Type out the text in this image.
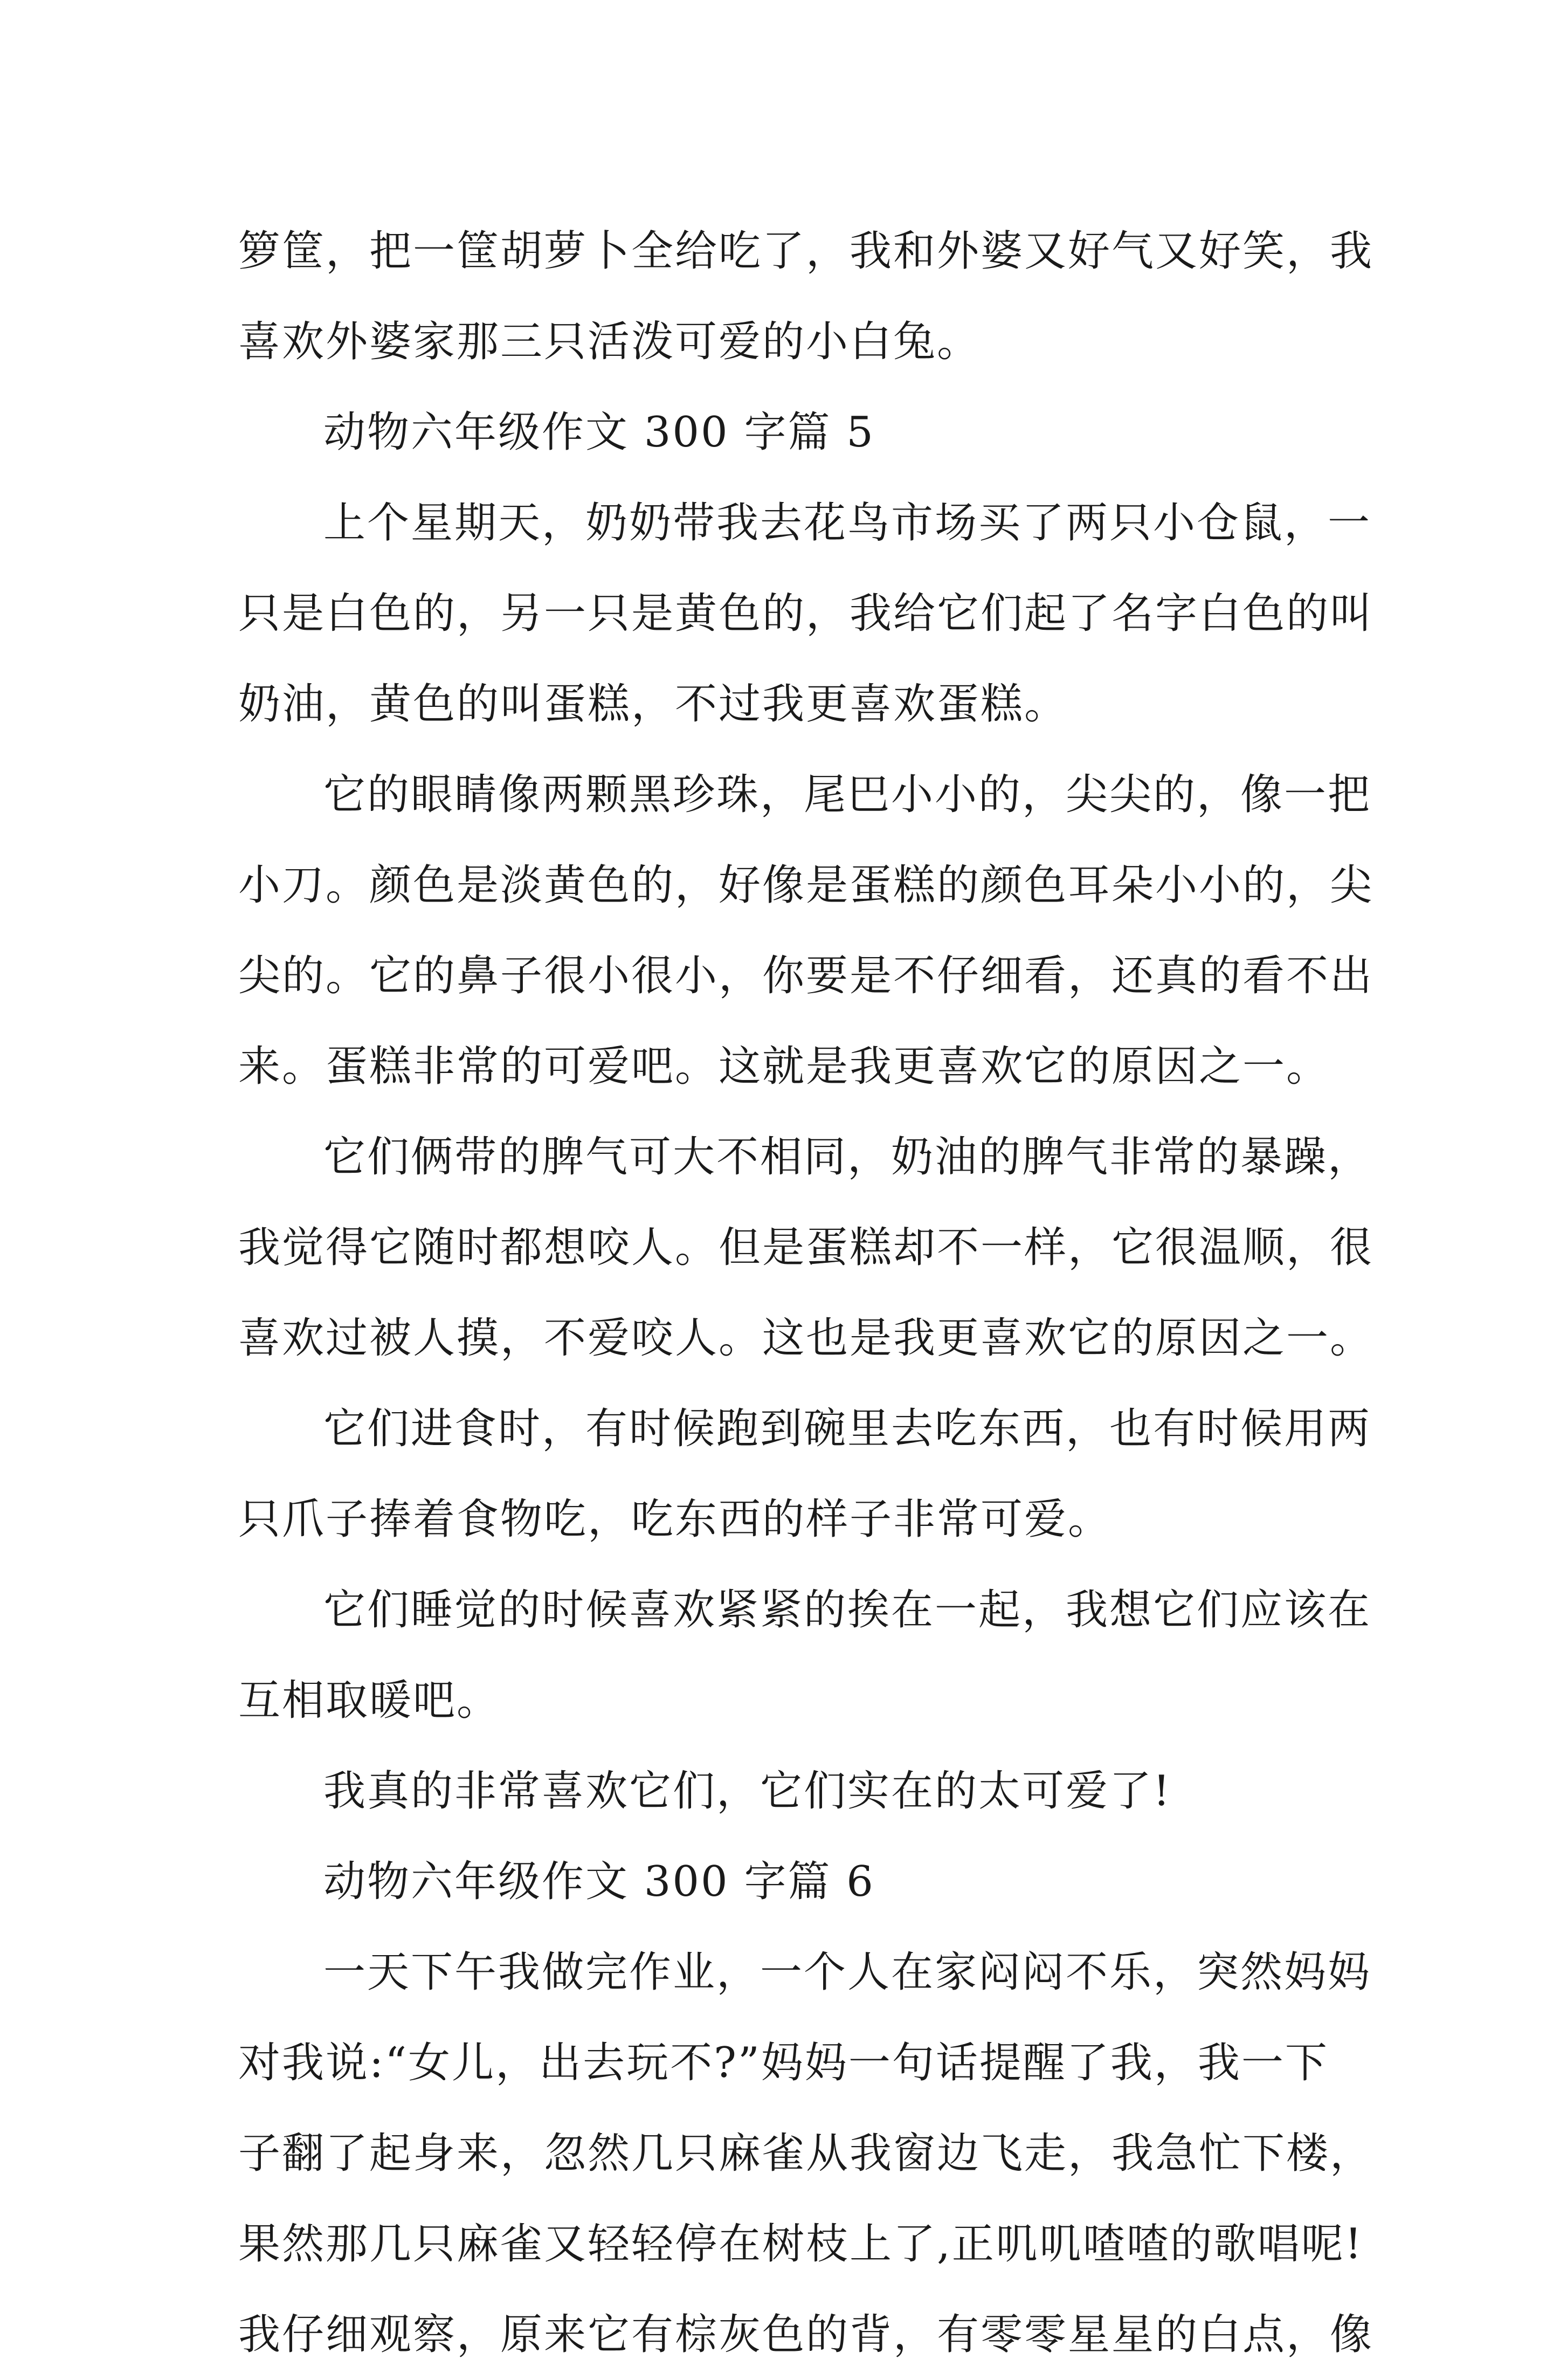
箩筐，把一筐胡萝卜全给吃了，我和外婆又好气又好笑，我
喜欢外婆家那三只活泼可爱的小白兔。
动物六年级作文 300 字篇 5
上个星期天，奶奶带我去花鸟市场买了两只小仓鼠，一
只是白色的，另一只是黄色的，我给它们起了名字白色的叫
奶油，黄色的叫蛋糕，不过我更喜欢蛋糕。
它的眼睛像两颗黑珍珠，尾巴小小的，尖尖的，像一把
小刀。颜色是淡黄色的，好像是蛋糕的颜色耳朵小小的，尖
尖的。它的鼻子很小很小，你要是不仔细看，还真的看不出
来。蛋糕非常的可爱吧。这就是我更喜欢它的原因之一。
它们俩带的脾气可大不相同，奶油的脾气非常的暴躁，
我觉得它随时都想咬人。但是蛋糕却不一样，它很温顺，很
喜欢过被人摸，不爱咬人。这也是我更喜欢它的原因之一。
它们进食时，有时候跑到碗里去吃东西，也有时候用两
只爪子捧着食物吃，吃东西的样子非常可爱。
它们睡觉的时候喜欢紧紧的挨在一起，我想它们应该在
互相取暖吧。
我真的非常喜欢它们，它们实在的太可爱了!
动物六年级作文 300 字篇 6
一天下午我做完作业，一个人在家闷闷不乐，突然妈妈
对我说:“女儿，出去玩不?”妈妈一句话提醒了我，我一下
子翻了起身来，忽然几只麻雀从我窗边飞走，我急忙下楼，
果然那几只麻雀又轻轻停在树枝上了,正叽叽喳喳的歌唱呢!
我仔细观察，原来它有棕灰色的背，有零零星星的白点，像
